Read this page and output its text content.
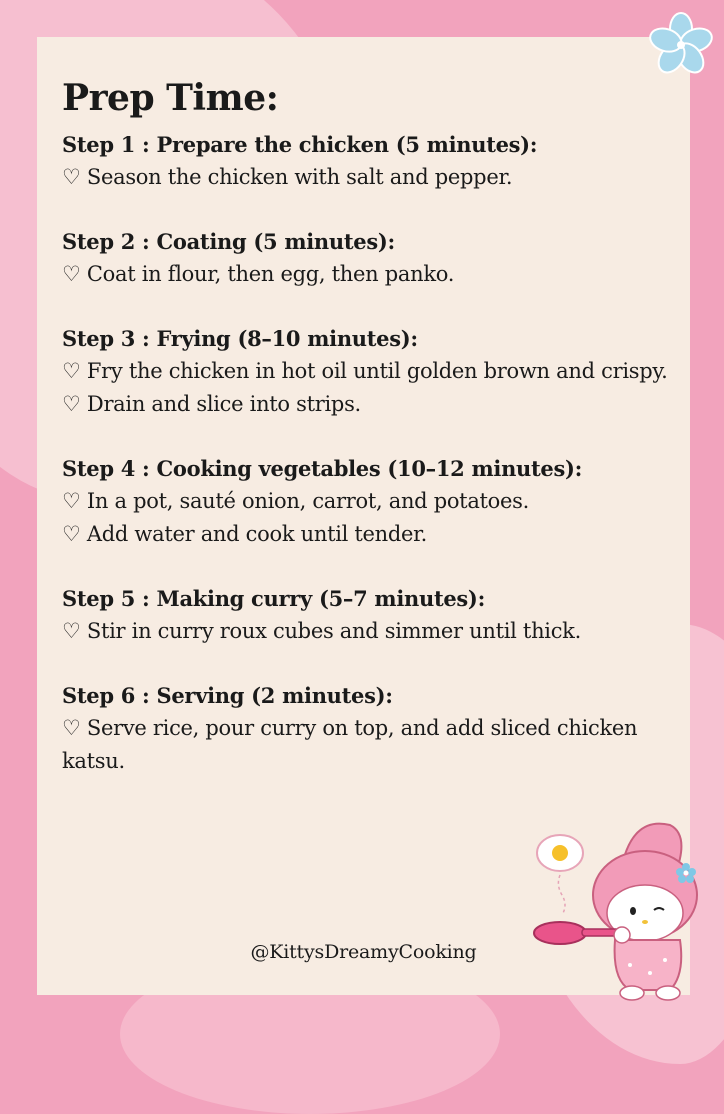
Prep Time:
Step 1 : Prepare the chicken (5 minutes):
♡ Season the chicken with salt and pepper.
Step 2 : Coating (5 minutes):
♡ Coat in flour, then egg, then panko.
Step 3 : Frying (8–10 minutes):
♡ Fry the chicken in hot oil until golden brown and crispy.
♡ Drain and slice into strips.
Step 4 : Cooking vegetables (10–12 minutes):
♡ In a pot, sauté onion, carrot, and potatoes.
♡ Add water and cook until tender.
Step 5 : Making curry (5–7 minutes):
♡ Stir in curry roux cubes and simmer until thick.
Step 6 : Serving (2 minutes):
♡ Serve rice, pour curry on top, and add sliced chicken katsu.
@KittysDreamyCooking
